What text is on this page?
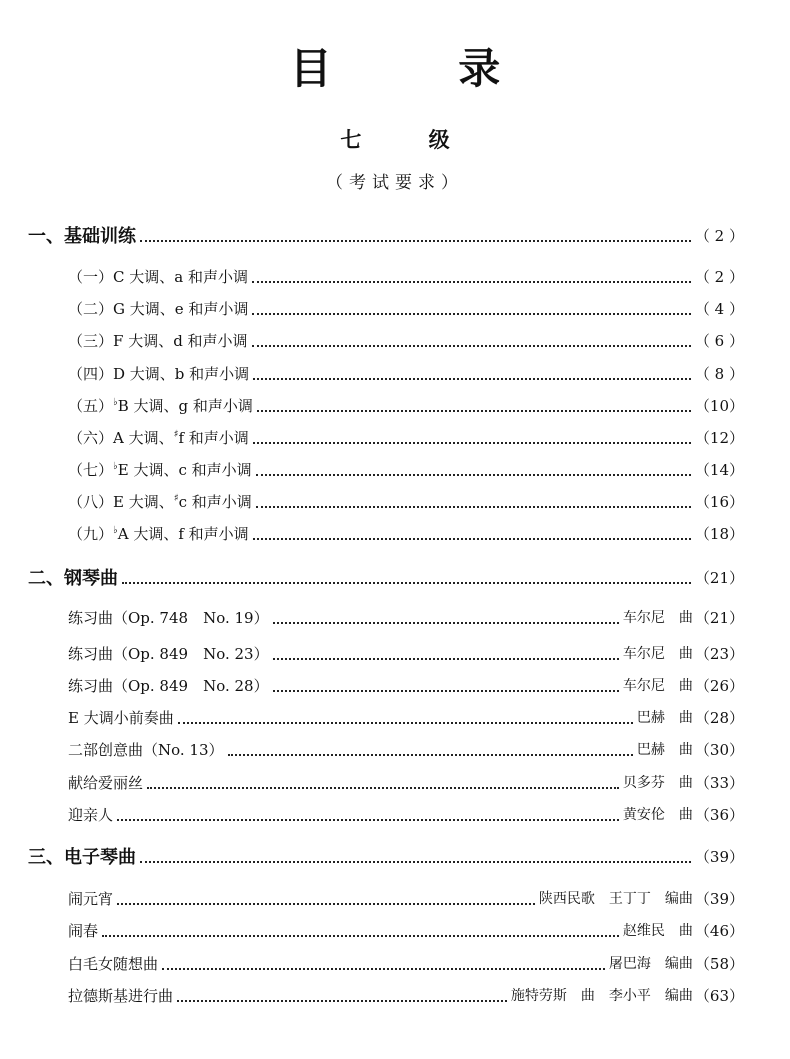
目 录
七 级
（考试要求）
一、基础训练	（ 2 ）
（一）C 大调、a 和声小调	（ 2 ）
（二）G 大调、e 和声小调	（ 4 ）
（三）F 大调、d 和声小调	（ 6 ）
（四）D 大调、b 和声小调	（ 8 ）
（五）♭B 大调、g 和声小调	（10）
（六）A 大调、♯f 和声小调	（12）
（七）♭E 大调、c 和声小调	（14）
（八）E 大调、♯c 和声小调	（16）
（九）♭A 大调、f 和声小调	（18）
二、钢琴曲	（21）
练习曲（Op. 748　No. 19）	车尔尼　曲 （21）
练习曲（Op. 849　No. 23）	车尔尼　曲 （23）
练习曲（Op. 849　No. 28）	车尔尼　曲 （26）
E 大调小前奏曲	巴赫　曲 （28）
二部创意曲（No. 13）	巴赫　曲 （30）
献给爱丽丝	贝多芬　曲 （33）
迎亲人	黄安伦　曲 （36）
三、电子琴曲	（39）
闹元宵	陕西民歌　王丁丁　编曲 （39）
闹春	赵维民　曲 （46）
白毛女随想曲	屠巴海　编曲 （58）
拉德斯基进行曲	施特劳斯　曲　李小平　编曲 （63）
